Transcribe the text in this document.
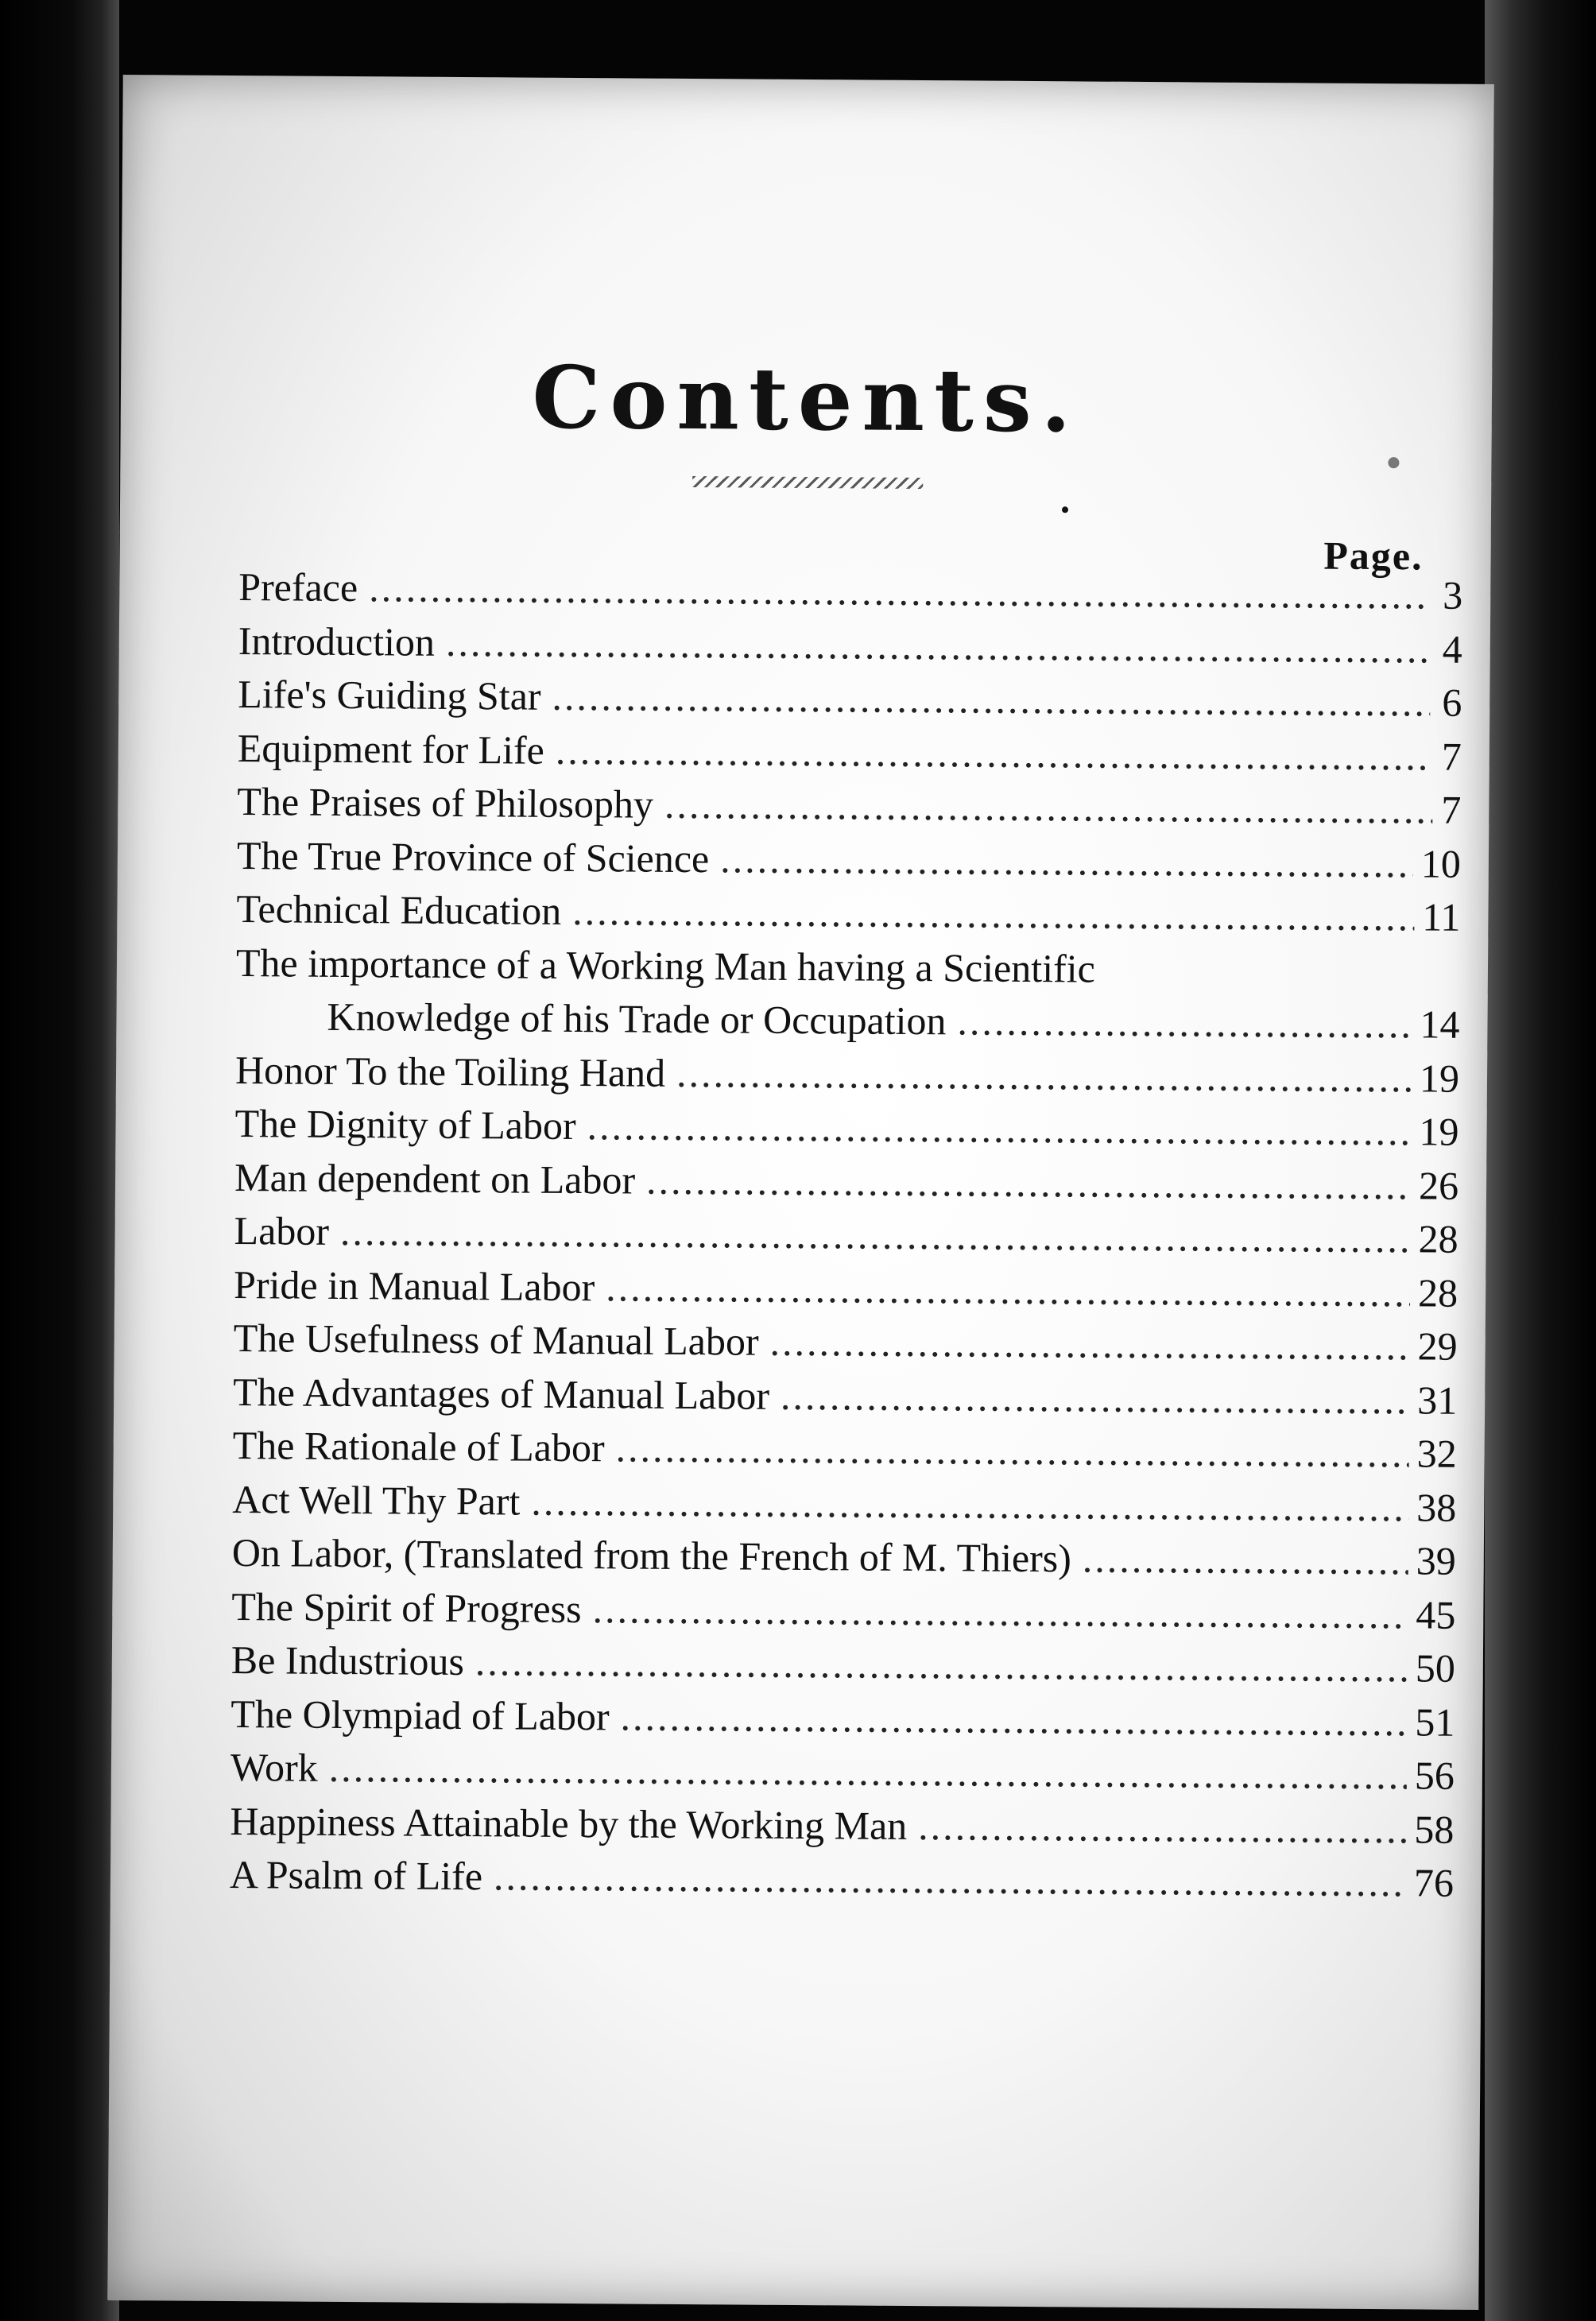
Contents.
Page.
Preface .....	3
Introduction .....	4
Life's Guiding Star .....	6
Equipment for Life .....	7
The Praises of Philosophy .....	7
The True Province of Science .....	10
Technical Education .....	11
The importance of a Working Man having a Scientific
Knowledge of his Trade or Occupation .....	14
Honor To the Toiling Hand .....	19
The Dignity of Labor .....	19
Man dependent on Labor .....	26
Labor .....	28
Pride in Manual Labor .....	28
The Usefulness of Manual Labor .....	29
The Advantages of Manual Labor .....	31
The Rationale of Labor .....	32
Act Well Thy Part .....	38
On Labor, (Translated from the French of M. Thiers) .....	39
The Spirit of Progress .....	45
Be Industrious .....	50
The Olympiad of Labor .....	51
Work .....	56
Happiness Attainable by the Working Man .....	58
A Psalm of Life .....	76
